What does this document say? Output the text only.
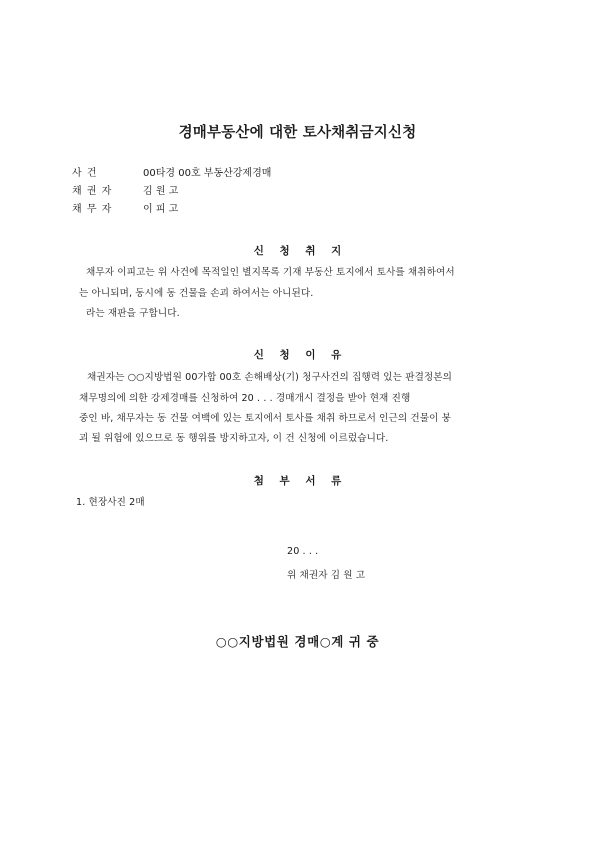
경매부동산에 대한 토사채취금지신청
사 건	00타경 00호 부동산강제경매
채 권 자	김 원 고
채 무 자	이 피 고
신 청 취 지
채무자 이피고는 위 사건에 목적일인 별지목록 기재 부동산 토지에서 토사를 채취하여서
는 아니되며, 동시에 동 건물을 손괴 하여서는 아니된다.
라는 재판을 구합니다.
신 청 이 유
채권자는 ○○지방법원 00가합 00호 손해배상(기) 청구사건의 집행력 있는 판결정본의
채무명의에 의한 강제경매를 신청하여 20 . . . 경매개시 결정을 받아 현재 진행
중인 바, 채무자는 동 건물 여백에 있는 토지에서 토사를 채취 하므로서 인근의 건물이 붕
괴 될 위험에 있으므로 동 행위를 방지하고자, 이 건 신청에 이르렀습니다.
첨 부 서 류
1. 현장사진 2매
20 . . .
위 채권자 김 원 고
○○지방법원 경매○계 귀 중
